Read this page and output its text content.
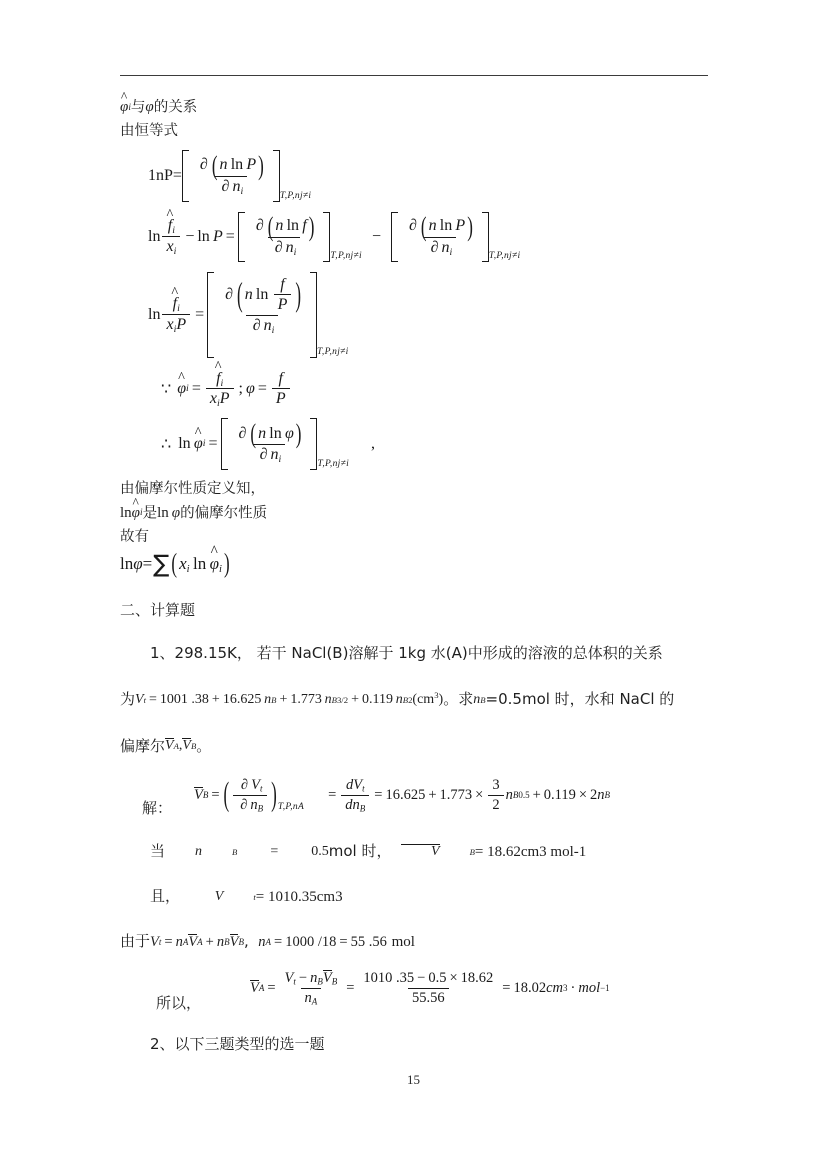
^ φ i 与 φ 的关系
由恒等式
$1nP= \frac{\text{∂ ( n  ln  P )}}{\partial n_i}$
T,P,nj≠i
ln ^ $\frac{f_i}{x_i} - \ln$
  $P = \frac{\text{∂ ( n  ln  f )}}{\partial n_i} T,P,nj\ne i$
−	$\frac{\text{∂ ( n  ln  P )}}{\partial n_i} T,P,nj\ne i$
ln ^ $\frac{f_i}{x_iP} = \frac{\partial ( n \ln \frac{f}{P} )}{\partial n_i}$
T,P,nj≠i
∵
^ φ i = ^ $\frac{f_i}{x_iP}$ ; $\varphi = \frac{f}{P}$
∴
ln
  ^ φ $i = \frac{\text{∂ ( n  ln  φ )}}{\partial n_i}$
T,P,nj≠i
,
由偏摩尔性质定义知，
ln ^ φ i 是 ln
  φ 的偏摩尔性质
故有
ln φ = ∑ ( $x_i$  ln  ^ $\varphi_i$ )
二、计算题
1、298.15K， 若干 NaCl(B)溶解于 1kg 水(A)中形成的溶液的总体积的关系
为 V t = 1001 .38 + 16.625
  n B + 1.773
  n B 3/2 + 0.119
  n B 2 $(cm^3)$ 。求 n B =0.5mol 时，水和 NaCl 的
偏摩尔 V A , V B 。
解：
V B = ( $\frac{\partial V_t}{\partial n_B}$ ) T,P,nA
= $\frac{dV_t}{dn_B} = 16.625 + 1.773 \times \frac{3}{2}$ n B 0.5 + 0.119 × 2 n B
当	n	B	=	0.5 mol 时，	V	B = 18.62cm3 mol-1
且，	V	t = 1010.35cm3
由于 V t = n A V A + n B V B , n A = 1000 /18 = 55 .56 mol
所以，
V $A = \frac{V_t - n_BV_B}{n_A} = \frac{1010 .35 - 0.5 \times 18.62}{55.56} = 18.02$ cm 3 · mol −1
2、以下三题类型的选一题
15
